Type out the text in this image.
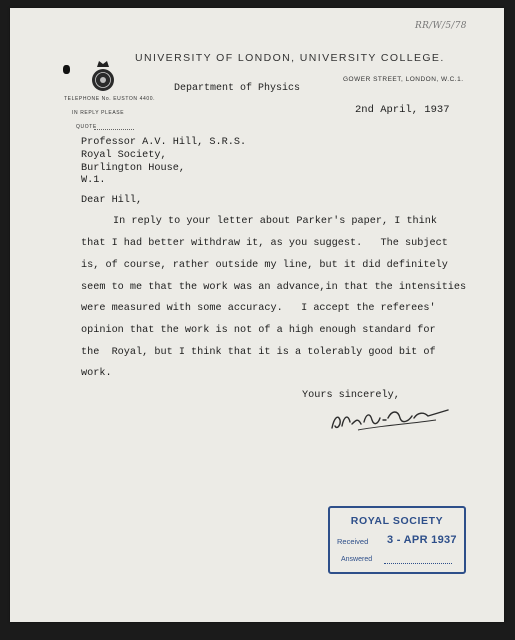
RR/W/5/78
UNIVERSITY OF LONDON, UNIVERSITY COLLEGE.
Department of Physics
GOWER STREET, LONDON, W.C.1.
TELEPHONE No. EUSTON 4400.
IN REPLY PLEASE
QUOTE
2nd April, 1937
Professor A.V. Hill, S.R.S.
Royal Society,
Burlington House,
W.1.
Dear Hill,
In reply to your letter about Parker's paper, I think
that I had better withdraw it, as you suggest.   The subject
is, of course, rather outside my line, but it did definitely
seem to me that the work was an advance,in that the intensities
were measured with some accuracy.   I accept the referees'
opinion that the work is not of a high enough standard for
the  Royal, but I think that it is a tolerably good bit of
work.
Yours sincerely,
ROYAL SOCIETY
Received 3 - APR 1937
Answered
